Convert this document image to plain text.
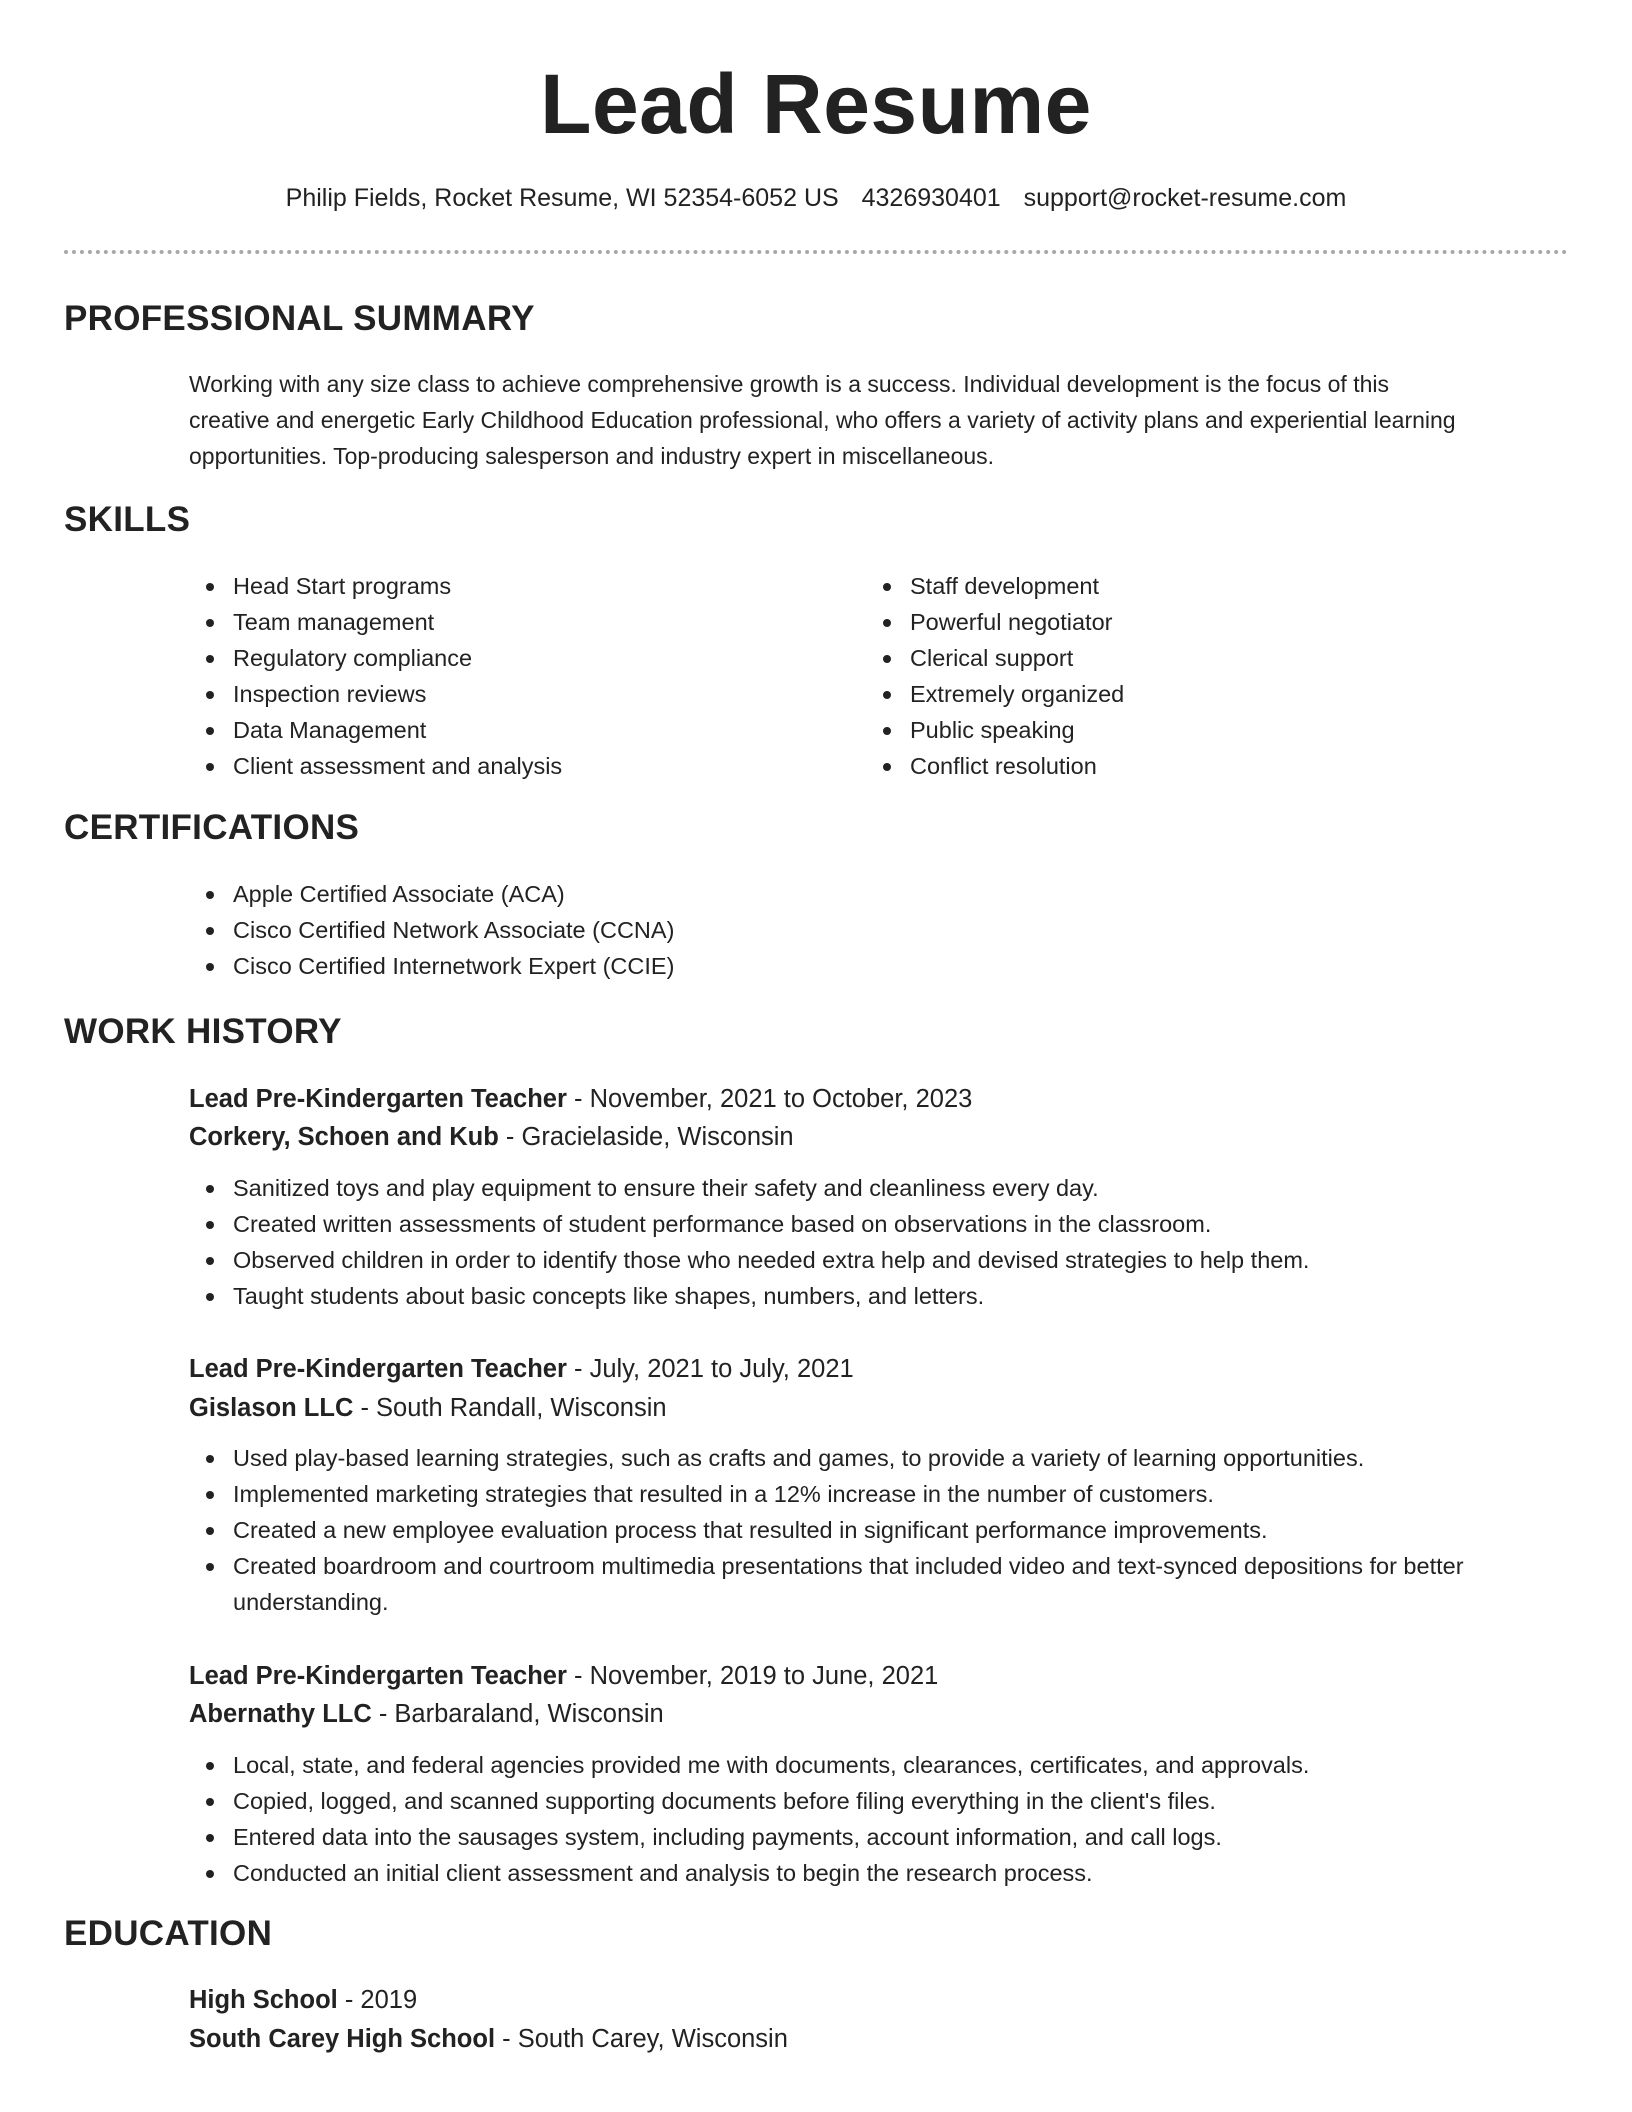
Lead Resume
Philip Fields, Rocket Resume, WI 52354-6052 US 4326930401 support@rocket-resume.com
PROFESSIONAL SUMMARY
Working with any size class to achieve comprehensive growth is a success. Individual development is the focus of this
creative and energetic Early Childhood Education professional, who offers a variety of activity plans and experiential learning
opportunities. Top-producing salesperson and industry expert in miscellaneous.
SKILLS
Head Start programs
Team management
Regulatory compliance
Inspection reviews
Data Management
Client assessment and analysis
Staff development
Powerful negotiator
Clerical support
Extremely organized
Public speaking
Conflict resolution
CERTIFICATIONS
Apple Certified Associate (ACA)
Cisco Certified Network Associate (CCNA)
Cisco Certified Internetwork Expert (CCIE)
WORK HISTORY
Lead Pre-Kindergarten Teacher - November, 2021 to October, 2023
Corkery, Schoen and Kub - Gracielaside, Wisconsin
Sanitized toys and play equipment to ensure their safety and cleanliness every day.
Created written assessments of student performance based on observations in the classroom.
Observed children in order to identify those who needed extra help and devised strategies to help them.
Taught students about basic concepts like shapes, numbers, and letters.
Lead Pre-Kindergarten Teacher - July, 2021 to July, 2021
Gislason LLC - South Randall, Wisconsin
Used play-based learning strategies, such as crafts and games, to provide a variety of learning opportunities.
Implemented marketing strategies that resulted in a 12% increase in the number of customers.
Created a new employee evaluation process that resulted in significant performance improvements.
Created boardroom and courtroom multimedia presentations that included video and text-synced depositions for better understanding.
Lead Pre-Kindergarten Teacher - November, 2019 to June, 2021
Abernathy LLC - Barbaraland, Wisconsin
Local, state, and federal agencies provided me with documents, clearances, certificates, and approvals.
Copied, logged, and scanned supporting documents before filing everything in the client's files.
Entered data into the sausages system, including payments, account information, and call logs.
Conducted an initial client assessment and analysis to begin the research process.
EDUCATION
High School - 2019
South Carey High School - South Carey, Wisconsin
